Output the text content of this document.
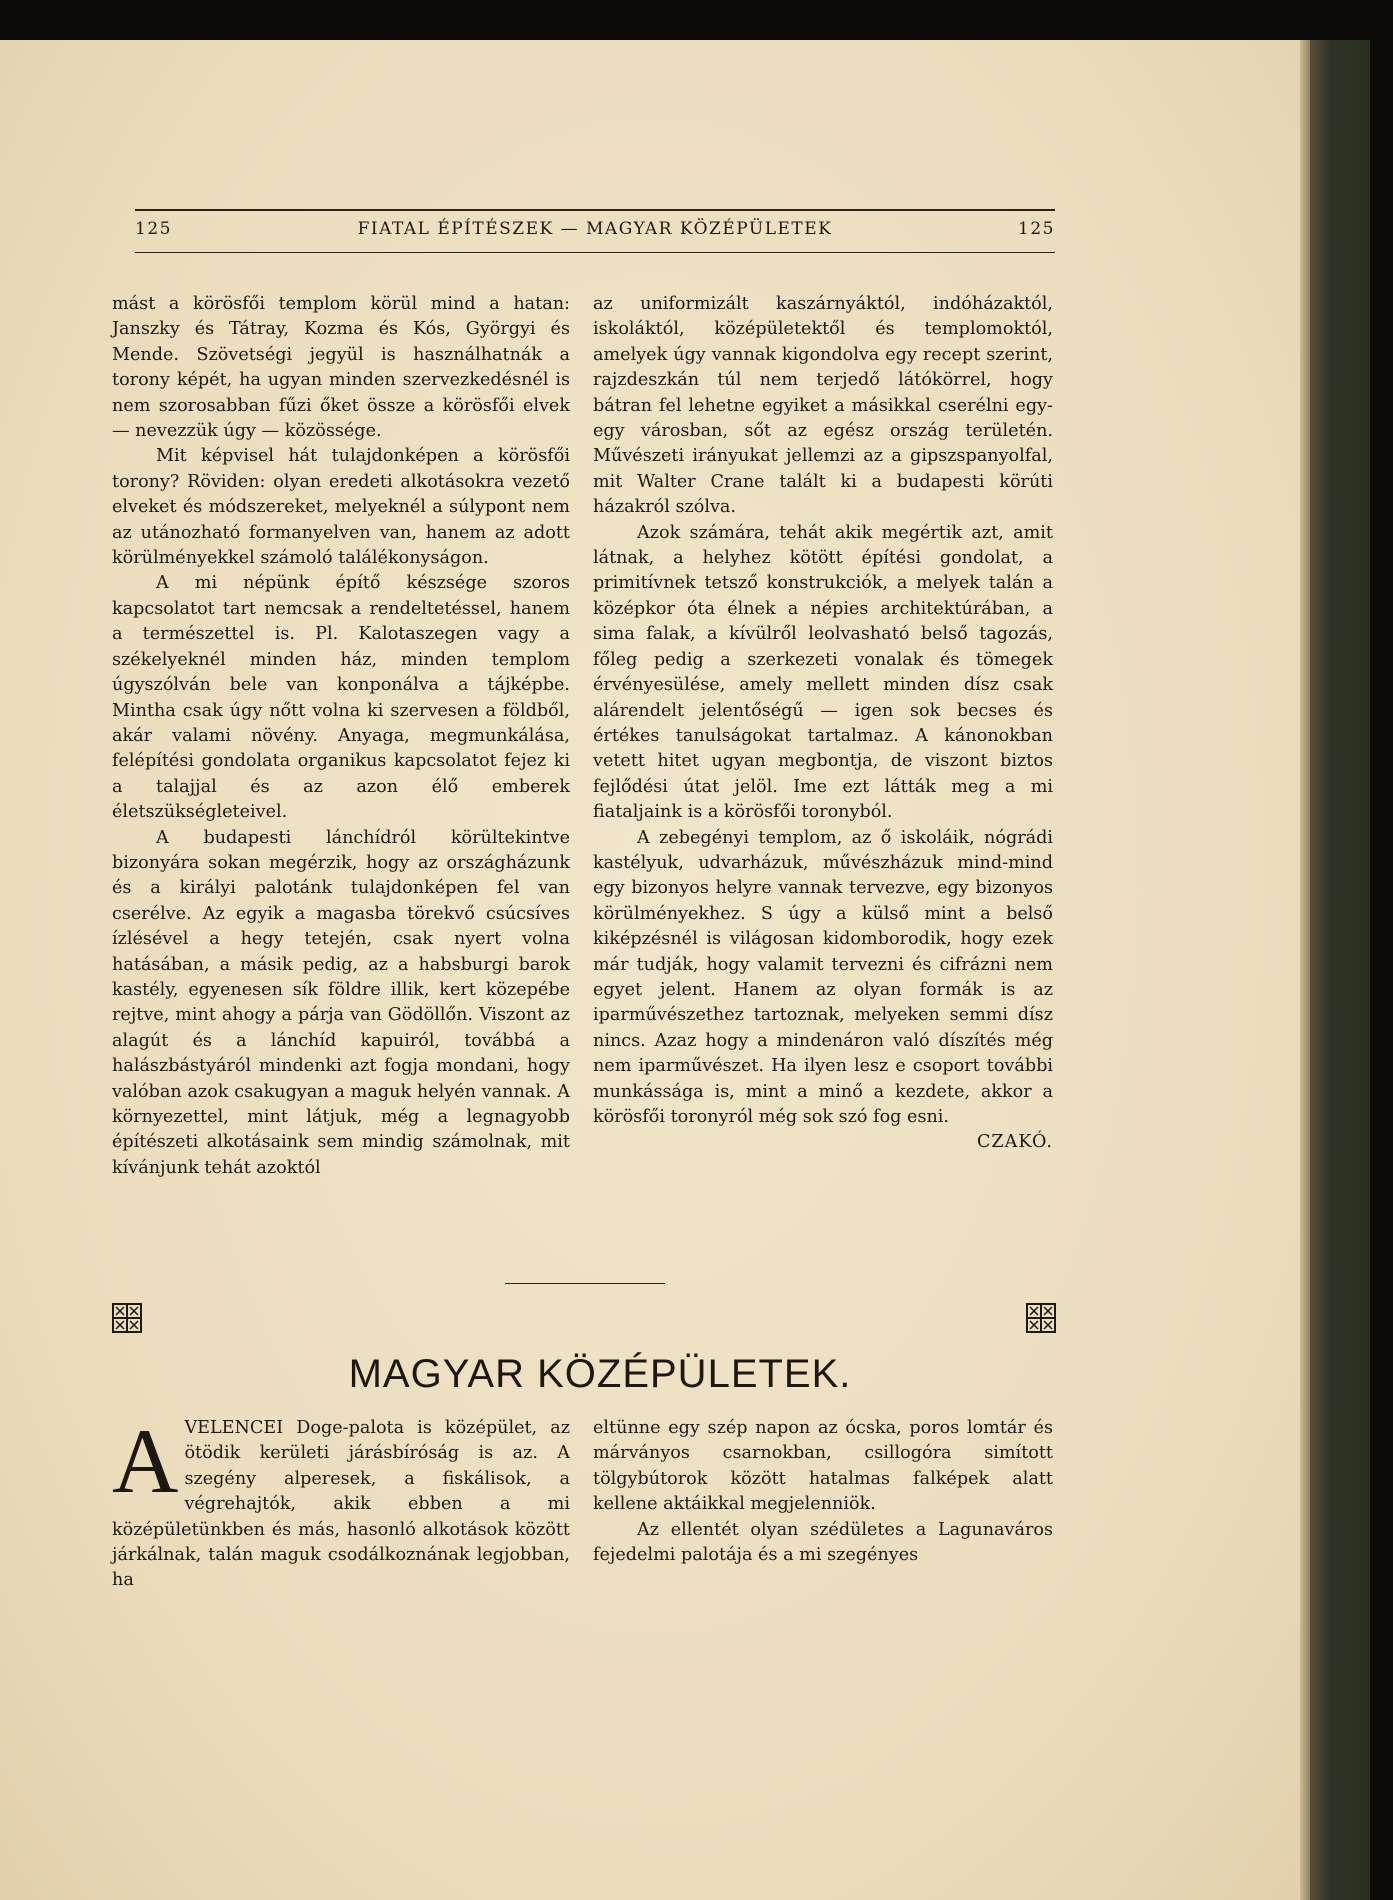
125	FIATAL ÉPÍTÉSZEK — MAGYAR KÖZÉPÜLETEK	125

mást a körösfői templom körül mind a hatan: Janszky és Tátray, Kozma és Kós, Györgyi és Mende. Szövetségi jegyül is használhatnák a torony képét, ha ugyan minden szervezkedésnél is nem szorosabban fűzi őket össze a körösfői elvek — nevezzük úgy — közössége.

Mit képvisel hát tulajdonképen a körösfői torony? Röviden: olyan eredeti alkotásokra vezető elveket és módszereket, melyeknél a súlypont nem az utánozható formanyelven van, hanem az adott körülményekkel számoló találékonyságon.

A mi népünk építő készsége szoros kapcsolatot tart nemcsak a rendeltetéssel, hanem a természettel is. Pl. Kalotaszegen vagy a székelyeknél minden ház, minden templom úgyszólván bele van konponálva a tájképbe. Mintha csak úgy nőtt volna ki szervesen a földből, akár valami növény. Anyaga, megmunkálása, felépítési gondolata organikus kapcsolatot fejez ki a talajjal és az azon élő emberek életszükségleteivel.

A budapesti lánchídról körültekintve bizonyára sokan megérzik, hogy az országházunk és a királyi palotánk tulajdonképen fel van cserélve. Az egyik a magasba törekvő csúcsíves ízlésével a hegy tetején, csak nyert volna hatásában, a másik pedig, az a habsburgi barok kastély, egyenesen sík földre illik, kert közepébe rejtve, mint ahogy a párja van Gödöllőn. Viszont az alagút és a lánchíd kapuiról, továbbá a halászbástyáról mindenki azt fogja mondani, hogy valóban azok csakugyan a maguk helyén vannak. A környezettel, mint látjuk, még a legnagyobb építészeti alkotásaink sem mindig számolnak, mit kívánjunk tehát azoktól

az uniformizált kaszárnyáktól, indóházaktól, iskoláktól, középületektől és templomoktól, amelyek úgy vannak kigondolva egy recept szerint, rajzdeszkán túl nem terjedő látókörrel, hogy bátran fel lehetne egyiket a másikkal cserélni egy-egy városban, sőt az egész ország területén. Művészeti irányukat jellemzi az a gipszspanyolfal, mit Walter Crane talált ki a budapesti körúti házakról szólva.

Azok számára, tehát akik megértik azt, amit látnak, a helyhez kötött építési gondolat, a primitívnek tetsző konstrukciók, a melyek talán a középkor óta élnek a népies architektúrában, a sima falak, a kívülről leolvasható belső tagozás, főleg pedig a szerkezeti vonalak és tömegek érvényesülése, amely mellett minden dísz csak alárendelt jelentőségű — igen sok becses és értékes tanulságokat tartalmaz. A kánonokban vetett hitet ugyan megbontja, de viszont biztos fejlődési útat jelöl. Ime ezt látták meg a mi fiataljaink is a körösfői toronyból.

A zebegényi templom, az ő iskoláik, nógrádi kastélyuk, udvarházuk, művészházuk mind-mind egy bizonyos helyre vannak tervezve, egy bizonyos körülményekhez. S úgy a külső mint a belső kiképzésnél is világosan kidomborodik, hogy ezek már tudják, hogy valamit tervezni és cifrázni nem egyet jelent. Hanem az olyan formák is az iparművészethez tartoznak, melyeken semmi dísz nincs. Azaz hogy a mindenáron való díszítés még nem iparművészet. Ha ilyen lesz e csoport további munkássága is, mint a minő a kezdete, akkor a körösfői toronyról még sok szó fog esni.

CZAKÓ.

MAGYAR KÖZÉPÜLETEK.
A VELENCEI Doge-palota is középület, az ötödik kerületi járásbíróság is az. A szegény alperesek, a fiskálisok, a végrehajtók, akik ebben a mi középületünkben és más, hasonló alkotások között járkálnak, talán maguk csodálkoznának legjobban, ha

eltünne egy szép napon az ócska, poros lomtár és márványos csarnokban, csillogóra simított tölgybútorok között hatalmas falképek alatt kellene aktáikkal megjelenniök.

Az ellentét olyan szédületes a Lagunaváros fejedelmi palotája és a mi szegényes
